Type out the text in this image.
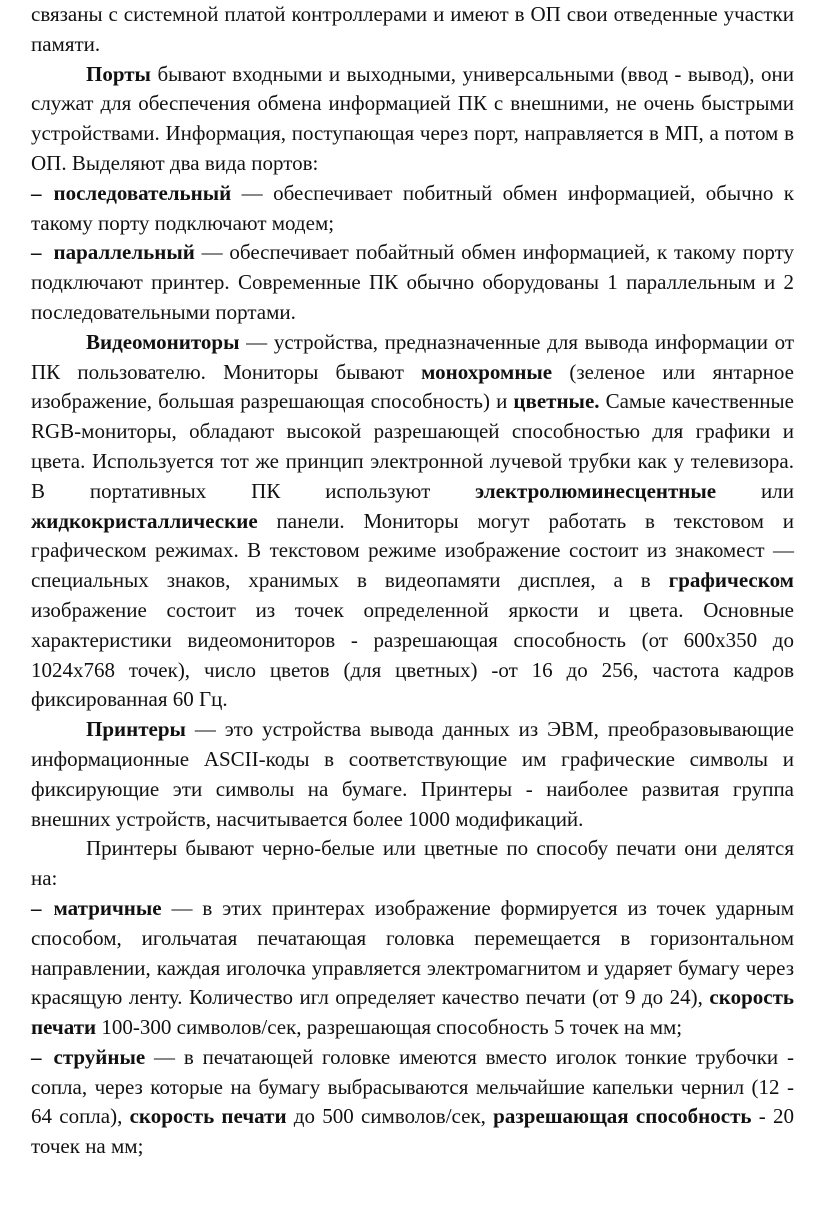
связаны с системной платой контроллерами и имеют в ОП свои отведенные участки памяти.

Порты бывают входными и выходными, универсальными (ввод - вывод), они служат для обеспечения обмена информацией ПК с внешними, не очень быстрыми устройствами. Информация, поступающая через порт, направляется в МП, а потом в ОП. Выделяют два вида портов:

– последовательный — обеспечивает побитный обмен информацией, обычно к такому порту подключают модем;

– параллельный — обеспечивает побайтный обмен информацией, к такому порту подключают принтер. Современные ПК обычно оборудованы 1 параллельным и 2 последовательными портами.

Видеомониторы — устройства, предназначенные для вывода информации от ПК пользователю. Мониторы бывают монохромные (зеленое или янтарное изображение, большая разрешающая способность) и цветные. Самые качественные RGB-мониторы, обладают высокой разрешающей способностью для графики и цвета. Используется тот же принцип электронной лучевой трубки как у телевизора. В портативных ПК используют электролюминесцентные или жидкокристаллические панели. Мониторы могут работать в текстовом и графическом режимах. В текстовом режиме изображение состоит из знакомест — специальных знаков, хранимых в видеопамяти дисплея, а в графическом изображение состоит из точек определенной яркости и цвета. Основные характеристики видеомониторов - разрешающая способность (от 600х350 до 1024х768 точек), число цветов (для цветных) -от 16 до 256, частота кадров фиксированная 60 Гц.

Принтеры — это устройства вывода данных из ЭВМ, преобразовывающие информационные ASCII-коды в соответствующие им графические символы и фиксирующие эти символы на бумаге. Принтеры - наиболее развитая группа внешних устройств, насчитывается более 1000 модификаций.

Принтеры бывают черно-белые или цветные по способу печати они делятся на:

– матричные — в этих принтерах изображение формируется из точек ударным способом, игольчатая печатающая головка перемещается в горизонтальном направлении, каждая иголочка управляется электромагнитом и ударяет бумагу через красящую ленту. Количество игл определяет качество печати (от 9 до 24), скорость печати 100-300 символов/сек, разрешающая способность 5 точек на мм;

– струйные — в печатающей головке имеются вместо иголок тонкие трубочки - сопла, через которые на бумагу выбрасываются мельчайшие капельки чернил (12 - 64 сопла), скорость печати до 500 символов/сек, разрешающая способность - 20 точек на мм;
